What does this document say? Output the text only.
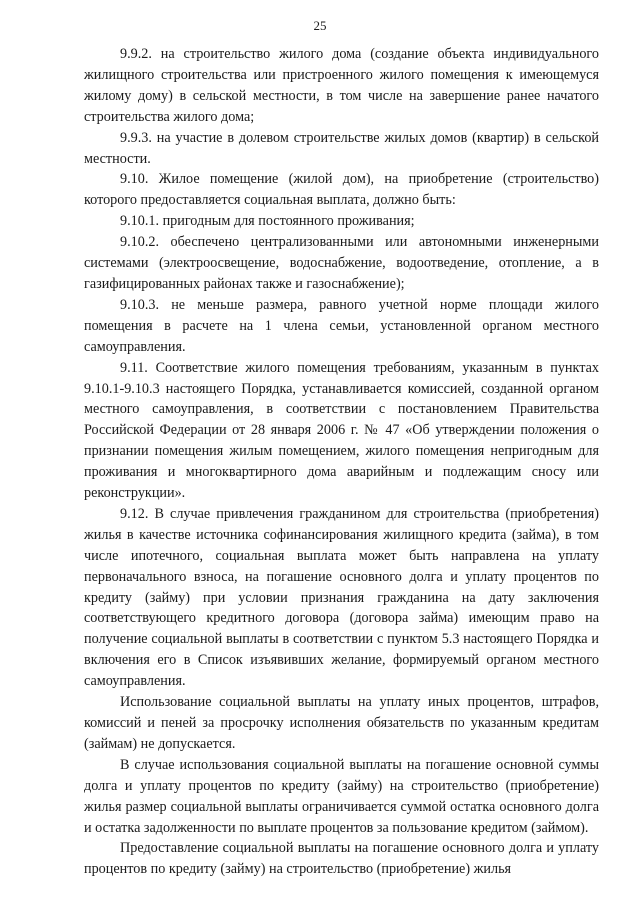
25

9.9.2. на строительство жилого дома (создание объекта индивидуального жилищного строительства или пристроенного жилого помещения к имеющемуся жилому дому) в сельской местности, в том числе на завершение ранее начатого строительства жилого дома;

9.9.3. на участие в долевом строительстве жилых домов (квартир) в сельской местности.

9.10. Жилое помещение (жилой дом), на приобретение (строительство) которого предоставляется социальная выплата, должно быть:

9.10.1. пригодным для постоянного проживания;

9.10.2. обеспечено централизованными или автономными инженерными системами (электроосвещение, водоснабжение, водоотведение, отопление, а в газифицированных районах также и газоснабжение);

9.10.3. не меньше размера, равного учетной норме площади жилого помещения в расчете на 1 члена семьи, установленной органом местного самоуправления.

9.11. Соответствие жилого помещения требованиям, указанным в пунктах 9.10.1-9.10.3 настоящего Порядка, устанавливается комиссией, созданной органом местного самоуправления, в соответствии с постановлением Правительства Российской Федерации от 28 января 2006 г. № 47 «Об утверждении положения о признании помещения жилым помещением, жилого помещения непригодным для проживания и многоквартирного дома аварийным и подлежащим сносу или реконструкции».

9.12. В случае привлечения гражданином для строительства (приобретения) жилья в качестве источника софинансирования жилищного кредита (займа), в том числе ипотечного, социальная выплата может быть направлена на уплату первоначального взноса, на погашение основного долга и уплату процентов по кредиту (займу) при условии признания гражданина на дату заключения соответствующего кредитного договора (договора займа) имеющим право на получение социальной выплаты в соответствии с пунктом 5.3 настоящего Порядка и включения его в Список изъявивших желание, формируемый органом местного самоуправления.

Использование социальной выплаты на уплату иных процентов, штрафов, комиссий и пеней за просрочку исполнения обязательств по указанным кредитам (займам) не допускается.

В случае использования социальной выплаты на погашение основной суммы долга и уплату процентов по кредиту (займу) на строительство (приобретение) жилья размер социальной выплаты ограничивается суммой остатка основного долга и остатка задолженности по выплате процентов за пользование кредитом (займом).

Предоставление социальной выплаты на погашение основного долга и уплату процентов по кредиту (займу) на строительство (приобретение) жилья
